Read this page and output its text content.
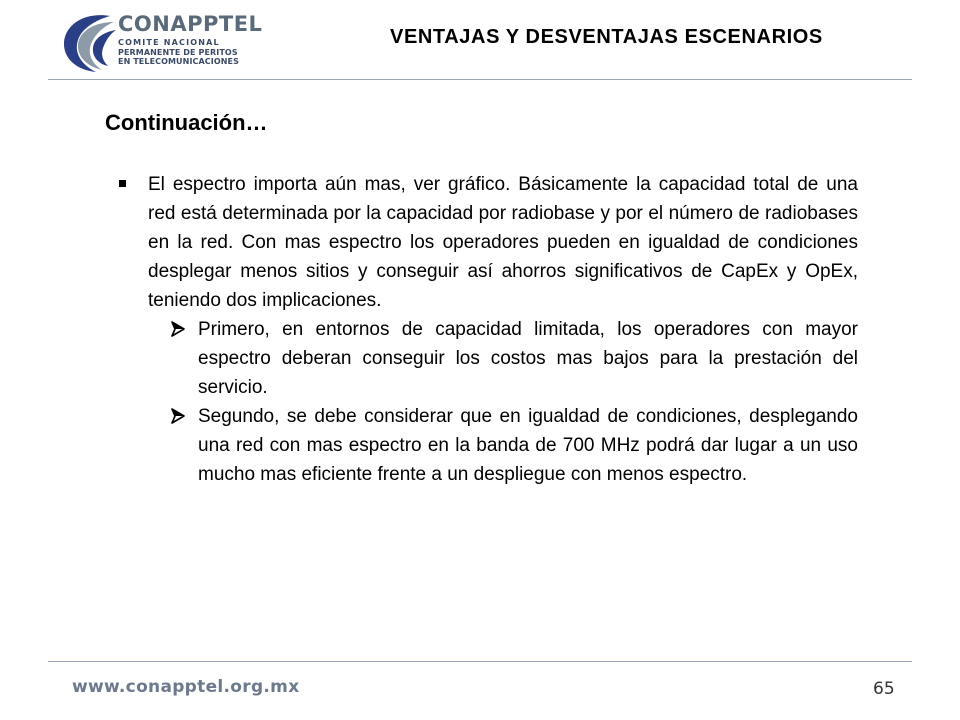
CONAPPTEL
COMITE NACIONAL
PERMANENTE DE PERITOS
EN TELECOMUNICACIONES
VENTAJAS Y DESVENTAJAS ESCENARIOS
Continuación…
El espectro importa aún mas, ver gráfico. Básicamente la capacidad total de una red está determinada por la capacidad por radiobase y por el número de radiobases en la red. Con mas espectro los operadores pueden en igualdad de condiciones desplegar menos sitios y conseguir así ahorros significativos de CapEx y OpEx, teniendo dos implicaciones.
Primero, en entornos de capacidad limitada, los operadores con mayor espectro deberan conseguir los costos mas bajos para la prestación del servicio.
Segundo, se debe considerar que en igualdad de condiciones, desplegando una red con mas espectro en la banda de 700 MHz podrá dar lugar a un uso mucho mas eficiente frente a un despliegue con menos espectro.
www.conapptel.org.mx	65
